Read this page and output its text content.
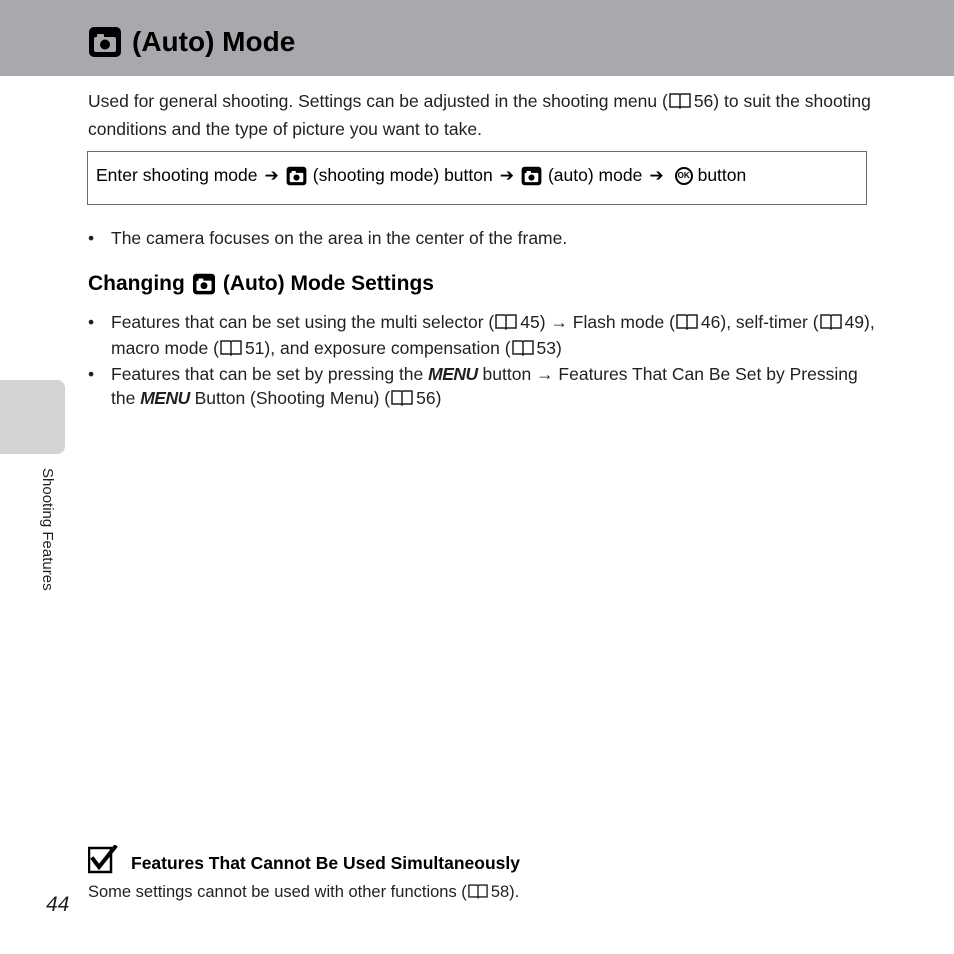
(Auto) Mode
Used for general shooting. Settings can be adjusted in the shooting menu ( 56) to suit the shooting conditions and the type of picture you want to take.
Enter shooting mode ➔ (shooting mode) button ➔ (auto) mode ➔ OK button
• The camera focuses on the area in the center of the frame.
Changing (Auto) Mode Settings
• Features that can be set using the multi selector ( 45) → Flash mode ( 46), self-timer ( 49), macro mode ( 51), and exposure compensation ( 53)
• Features that can be set by pressing the MENU button → Features That Can Be Set by Pressing the MENU Button (Shooting Menu) ( 56)
Shooting Features
Features That Cannot Be Used Simultaneously
Some settings cannot be used with other functions ( 58).
44
